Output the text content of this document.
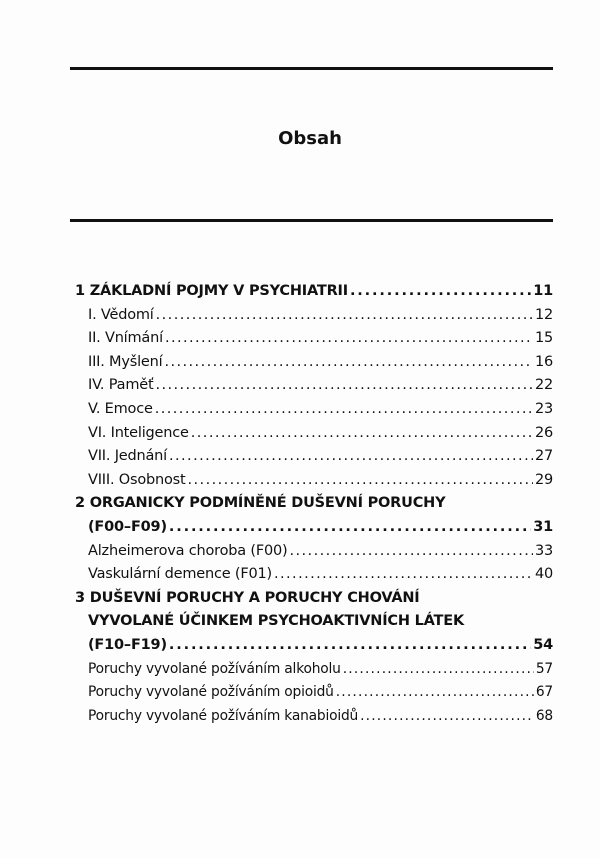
Obsah
1 ZÁKLADNÍ POJMY V PSYCHIATRII . . .	11
I. Vědomí . . .	12
II. Vnímání . . .	15
III. Myšlení . . .	16
IV. Paměť . . .	22
V. Emoce . . .	23
VI. Inteligence . . .	26
VII. Jednání . . .	27
VIII. Osobnost . . .	29
2 ORGANICKY PODMÍNĚNÉ DUŠEVNÍ PORUCHY
(F00–F09) . . .	31
Alzheimerova choroba (F00) . . .	33
Vaskulární demence (F01) . . .	40
3 DUŠEVNÍ PORUCHY A PORUCHY CHOVÁNÍ
VYVOLANÉ ÚČINKEM PSYCHOAKTIVNÍCH LÁTEK
(F10–F19) . . .	54
Poruchy vyvolané požíváním alkoholu . . .	57
Poruchy vyvolané požíváním opioidů . . .	67
Poruchy vyvolané požíváním kanabioidů . . .	68
